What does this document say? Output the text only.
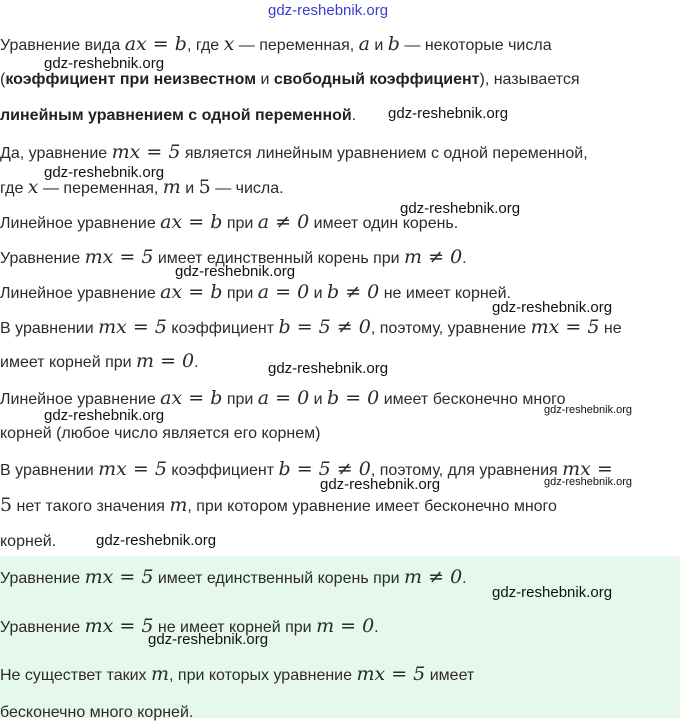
Уравнение вида ax = b, где x — переменная, a и b — некоторые числа
(коэффициент при неизвестном и свободный коэффициент), называется
линейным уравнением с одной переменной.
Да, уравнение mx = 5 является линейным уравнением с одной переменной,
где x — переменная, m и 5 — числа.
Линейное уравнение ax = b при a ≠ 0 имеет один корень.
Уравнение mx = 5 имеет единственный корень при m ≠ 0.
Линейное уравнение ax = b при a = 0 и b ≠ 0 не имеет корней.
В уравнении mx = 5 коэффициент b = 5 ≠ 0, поэтому, уравнение mx = 5 не
имеет корней при m = 0.
Линейное уравнение ax = b при a = 0 и b = 0 имеет бесконечно много
корней (любое число является его корнем)
В уравнении mx = 5 коэффициент b = 5 ≠ 0, поэтому, для уравнения mx =
5 нет такого значения m, при котором уравнение имеет бесконечно много
корней.
Уравнение mx = 5 имеет единственный корень при m ≠ 0.
Уравнение mx = 5 не имеет корней при m = 0.
Не существет таких m, при которых уравнение mx = 5 имеет
бесконечно много корней.
gdz-reshebnik.org
gdz-reshebnik.org
gdz-reshebnik.org
gdz-reshebnik.org
gdz-reshebnik.org
gdz-reshebnik.org
gdz-reshebnik.org
gdz-reshebnik.org
gdz-reshebnik.org	gdz-reshebnik.org
gdz-reshebnik.org	gdz-reshebnik.org
gdz-reshebnik.org
gdz-reshebnik.org
gdz-reshebnik.org
